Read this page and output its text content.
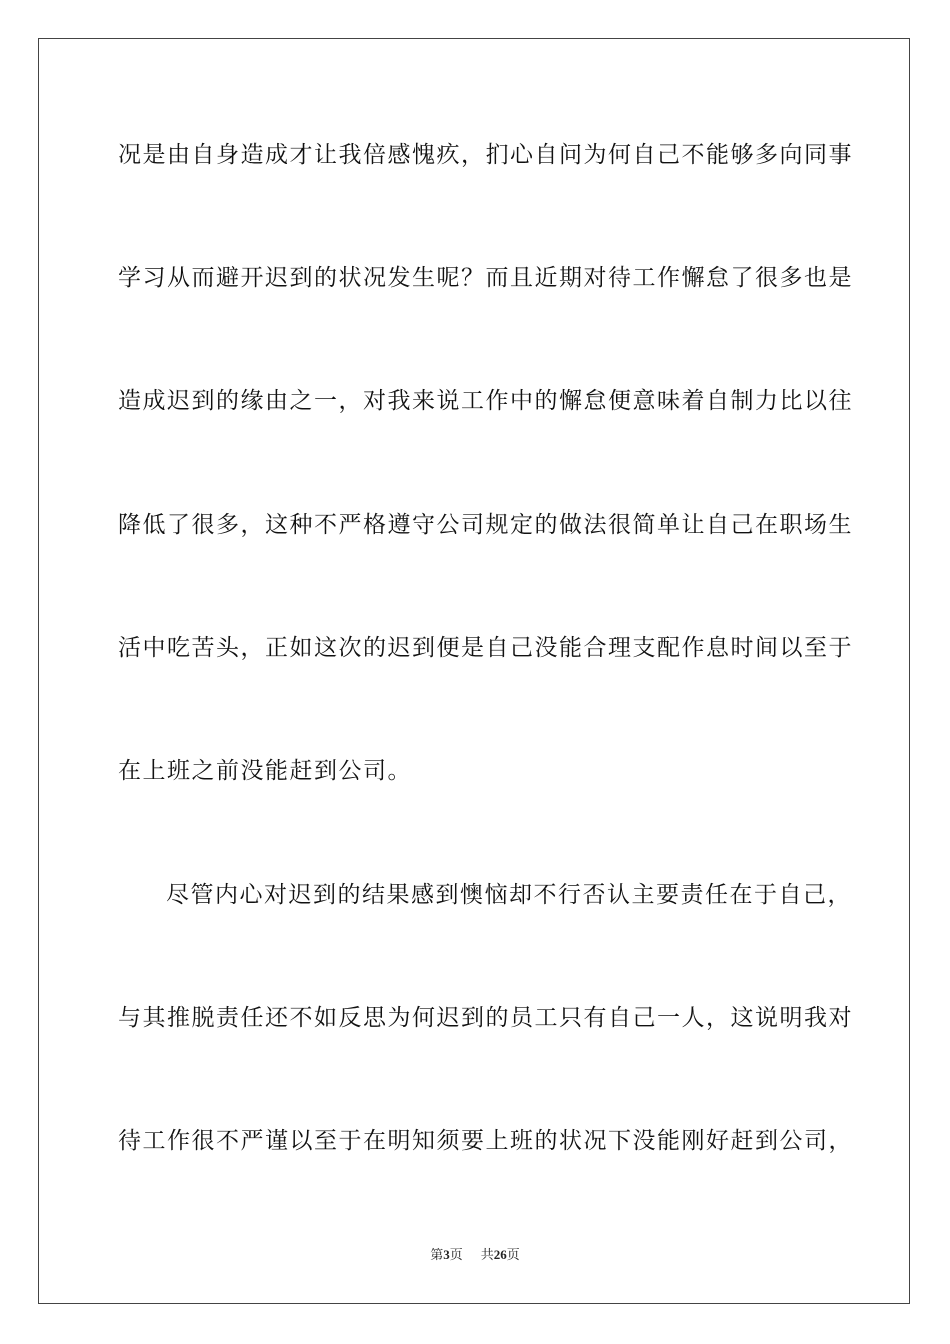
况是由自身造成才让我倍感愧疚，扪心自问为何自己不能够多向同事
学习从而避开迟到的状况发生呢？而且近期对待工作懈怠了很多也是
造成迟到的缘由之一，对我来说工作中的懈怠便意味着自制力比以往
降低了很多，这种不严格遵守公司规定的做法很简单让自己在职场生
活中吃苦头，正如这次的迟到便是自己没能合理支配作息时间以至于
在上班之前没能赶到公司。
尽管内心对迟到的结果感到懊恼却不行否认主要责任在于自己，
与其推脱责任还不如反思为何迟到的员工只有自己一人，这说明我对
待工作很不严谨以至于在明知须要上班的状况下没能刚好赶到公司，
第3页 共26页
